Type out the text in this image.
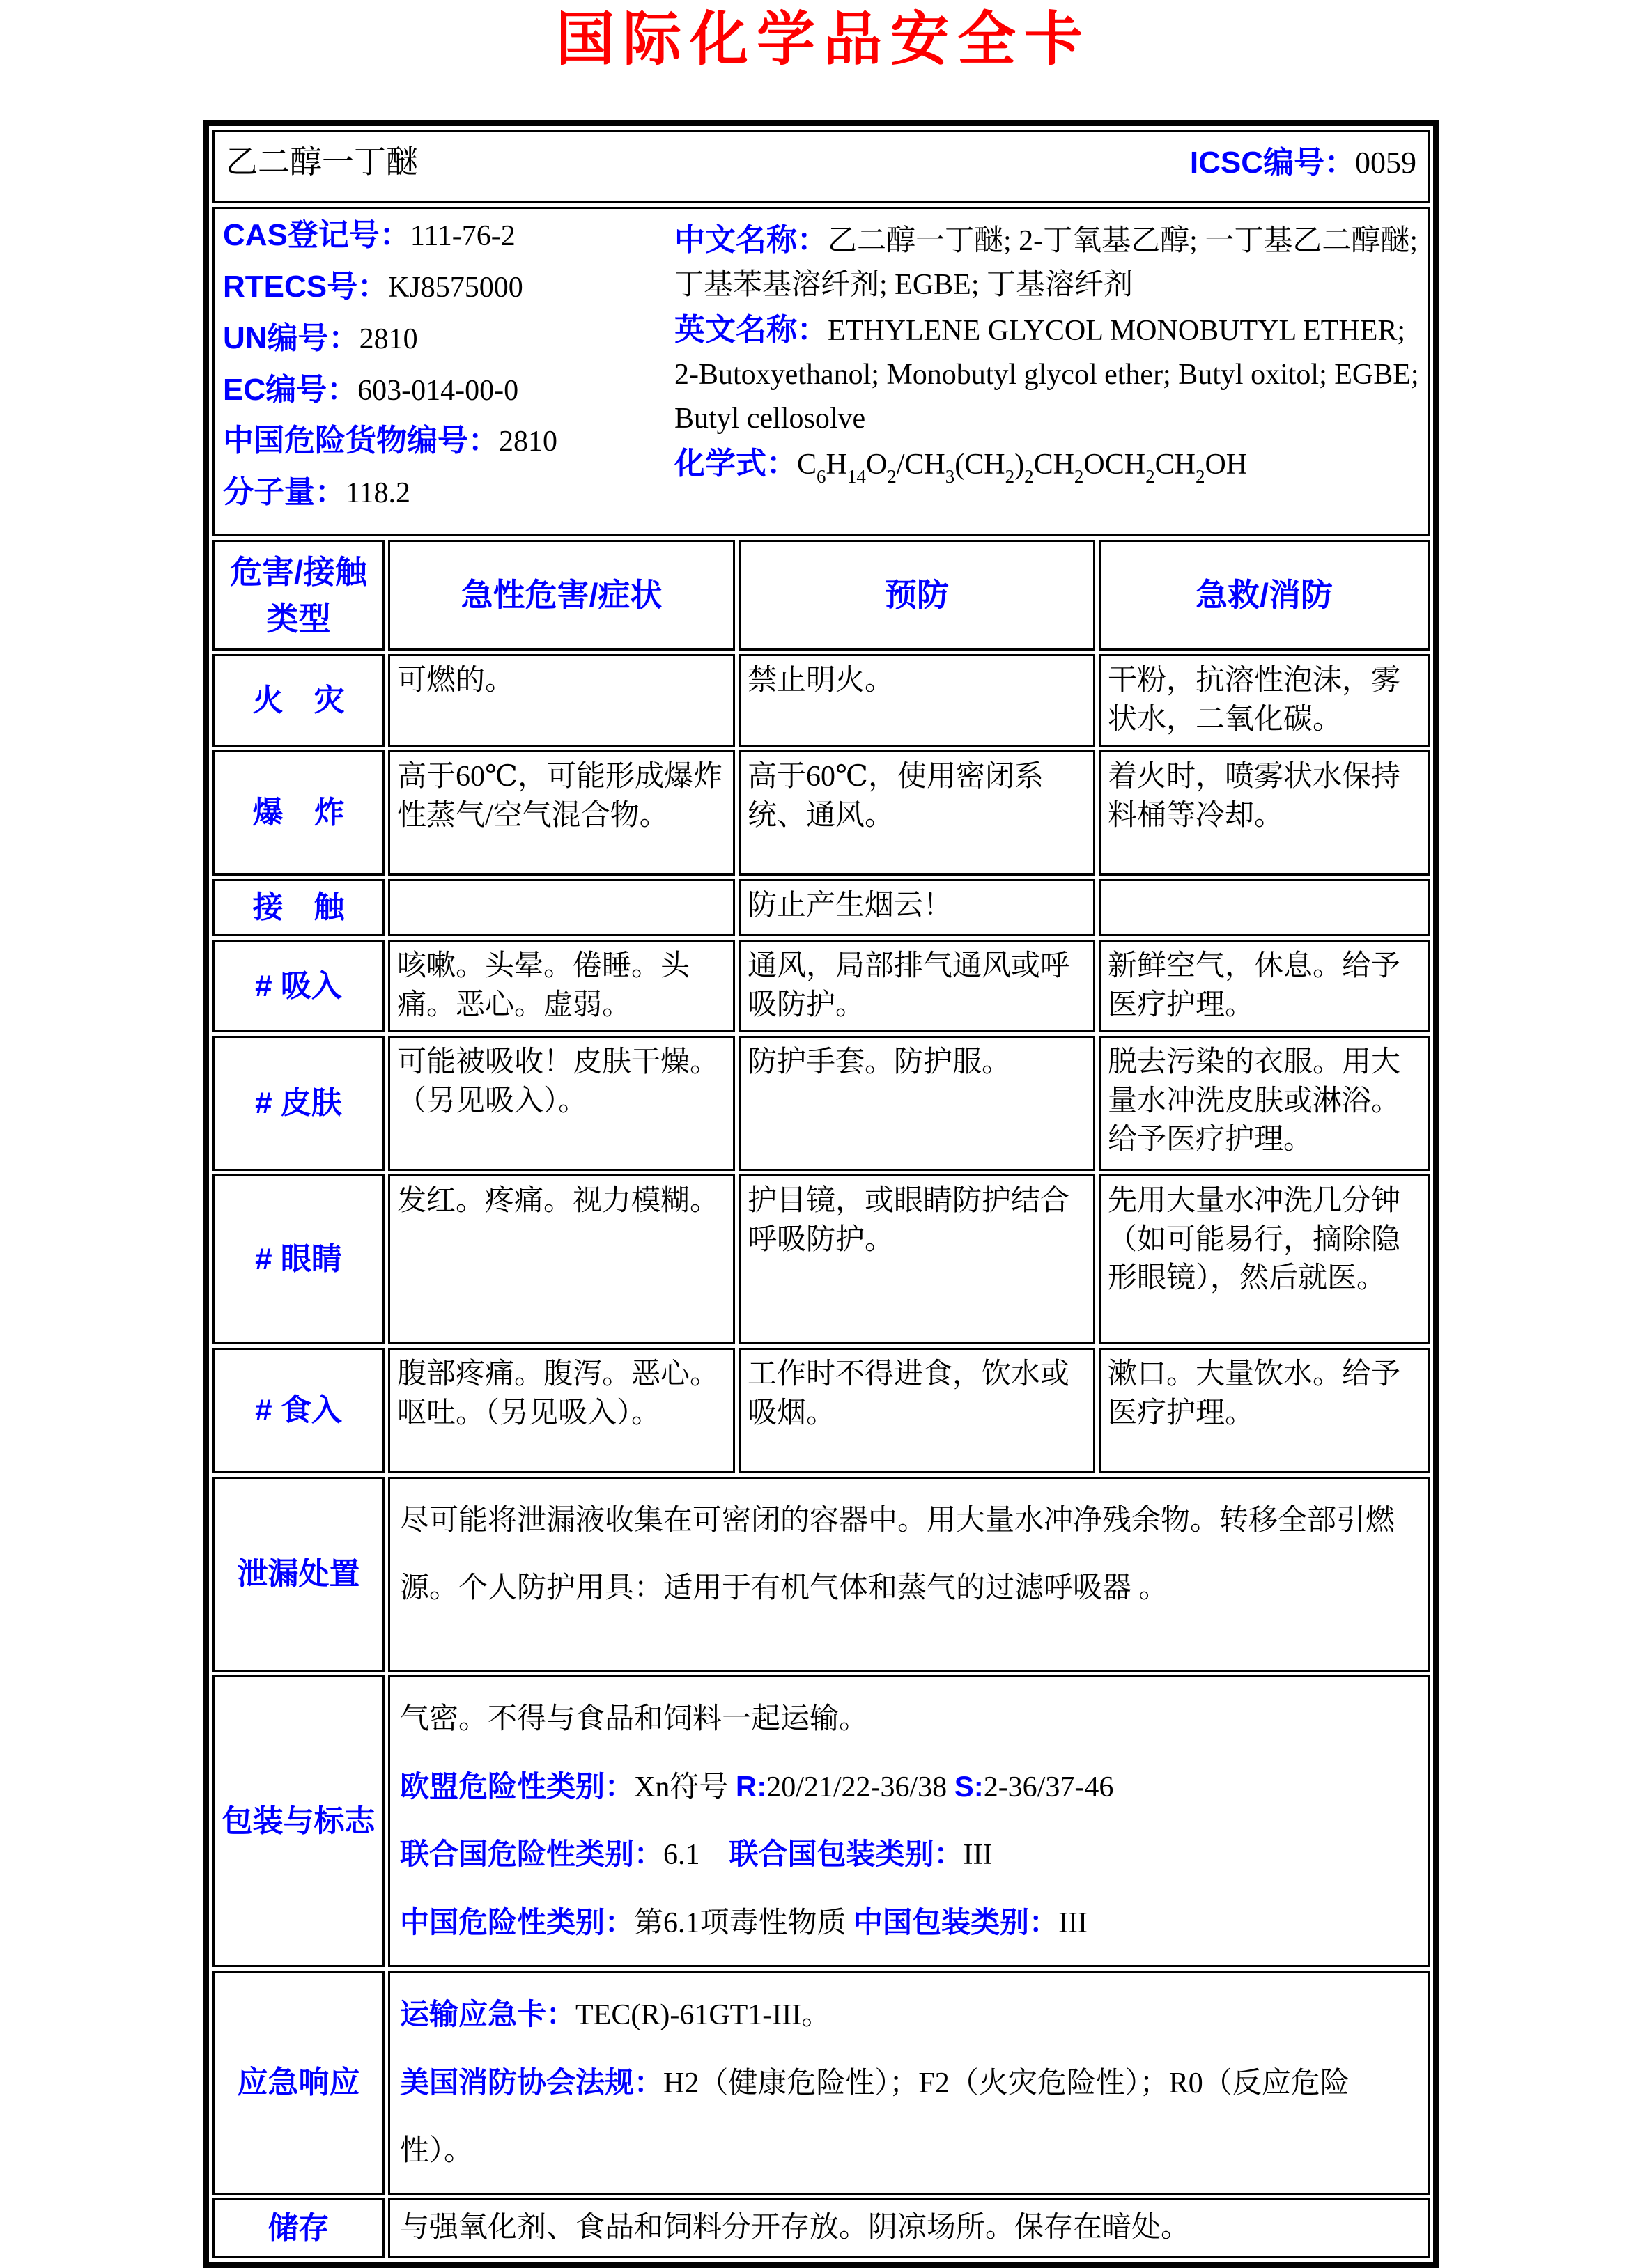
国际化学品安全卡
乙二醇一丁醚 ICSC编号：0059			

CAS登记号：111-76-2
RTECS号：KJ8575000
UN编号：2810
EC编号：603-014-00-0
中国危险货物编号：2810
分子量：118.2
中文名称：乙二醇一丁醚; 2-丁氧基乙醇; 一丁基乙二醇醚; 丁基苯基溶纤剂; EGBE; 丁基溶纤剂
英文名称：ETHYLENE GLYCOL MONOBUTYL ETHER; 2-Butoxyethanol; Monobutyl glycol ether; Butyl oxitol; EGBE; Butyl cellosolve
化学式：$C_6H_{14}O_2/CH_3(CH_2)_2CH_2OCH_2CH_2OH$

危害/接触类型	急性危害/症状	预防	急救/消防
火　灾	可燃的。	禁止明火。	干粉，抗溶性泡沫，雾状水，二氧化碳。
爆　炸	高于60℃，可能形成爆炸性蒸气/空气混合物。	高于60℃，使用密闭系统、通风。	着火时，喷雾状水保持料桶等冷却。
接　触		防止产生烟云！	
# 吸入	咳嗽。头晕。倦睡。头痛。恶心。虚弱。	通风，局部排气通风或呼吸防护。	新鲜空气，休息。给予医疗护理。
# 皮肤	可能被吸收！皮肤干燥。（另见吸入）。	防护手套。防护服。	脱去污染的衣服。用大量水冲洗皮肤或淋浴。给予医疗护理。
# 眼睛	发红。疼痛。视力模糊。	护目镜，或眼睛防护结合呼吸防护。	先用大量水冲洗几分钟（如可能易行，摘除隐形眼镜），然后就医。
# 食入	腹部疼痛。腹泻。恶心。呕吐。（另见吸入）。	工作时不得进食，饮水或吸烟。	漱口。大量饮水。给予医疗护理。
泄漏处置	尽可能将泄漏液收集在可密闭的容器中。用大量水冲净残余物。转移全部引燃源。个人防护用具：适用于有机气体和蒸气的过滤呼吸器 。		

包装与标志	气密。不得与食品和饲料一起运输。
欧盟危险性类别：Xn符号 R:20/21/22-36/38 S:2-36/37-46
联合国危险性类别：6.1　联合国包装类别：III
中国危险性类别：第6.1项毒性物质 中国包装类别：III		

应急响应	运输应急卡：TEC(R)-61GT1-III。
美国消防协会法规：H2（健康危险性）；F2（火灾危险性）；R0（反应危险性）。		

储存	与强氧化剂、食品和饲料分开存放。阴凉场所。保存在暗处。		
